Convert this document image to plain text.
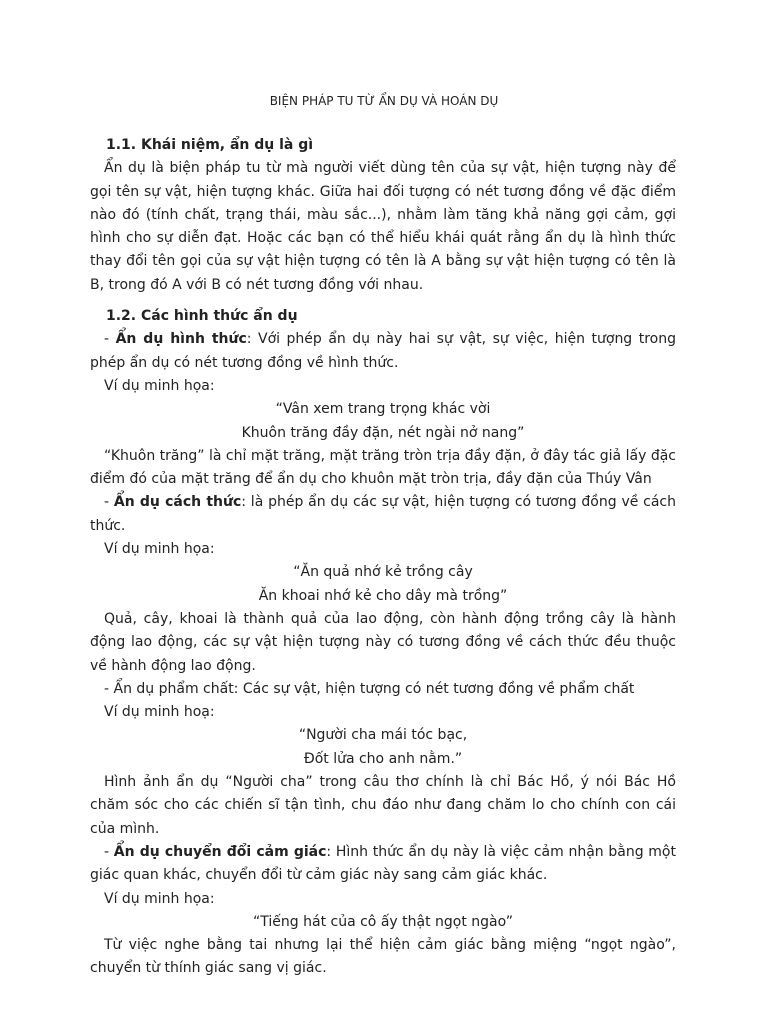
BIỆN PHÁP TU TỪ ẨN DỤ VÀ HOÁN DỤ

1.1. Khái niệm, ẩn dụ là gì

Ẩn dụ là biện pháp tu từ mà người viết dùng tên của sự vật, hiện tượng này để gọi tên sự vật, hiện tượng khác. Giữa hai đối tượng có nét tương đồng về đặc điểm nào đó (tính chất, trạng thái, màu sắc...), nhằm làm tăng khả năng gợi cảm, gợi hình cho sự diễn đạt. Hoặc các bạn có thể hiểu khái quát rằng ẩn dụ là hình thức thay đổi tên gọi của sự vật hiện tượng có tên là A bằng sự vật hiện tượng có tên là B, trong đó A với B có nét tương đồng với nhau.

1.2. Các hình thức ẩn dụ

- Ẩn dụ hình thức: Với phép ẩn dụ này hai sự vật, sự việc, hiện tượng trong phép ẩn dụ có nét tương đồng về hình thức.

Ví dụ minh họa:

“Vân xem trang trọng khác vời

Khuôn trăng đầy đặn, nét ngài nở nang”

“Khuôn trăng” là chỉ mặt trăng, mặt trăng tròn trịa đầy đặn, ở đây tác giả lấy đặc điểm đó của mặt trăng để ẩn dụ cho khuôn mặt tròn trịa, đầy đặn của Thúy Vân

- Ẩn dụ cách thức: là phép ẩn dụ các sự vật, hiện tượng có tương đồng về cách thức.

Ví dụ minh họa:

“Ăn quả nhớ kẻ trồng cây

Ăn khoai nhớ kẻ cho dây mà trồng”

Quả, cây, khoai là thành quả của lao động, còn hành động trồng cây là hành động lao động, các sự vật hiện tượng này có tương đồng về cách thức đều thuộc về hành động lao động.

- Ẩn dụ phẩm chất: Các sự vật, hiện tượng có nét tương đồng về phẩm chất

Ví dụ minh hoạ:

“Người cha mái tóc bạc,

Đốt lửa cho anh nằm.”

Hình ảnh ẩn dụ “Người cha” trong câu thơ chính là chỉ Bác Hồ, ý nói Bác Hồ chăm sóc cho các chiến sĩ tận tình, chu đáo như đang chăm lo cho chính con cái của mình.

- Ẩn dụ chuyển đổi cảm giác: Hình thức ẩn dụ này là việc cảm nhận bằng một giác quan khác, chuyển đổi từ cảm giác này sang cảm giác khác.

Ví dụ minh họa:

“Tiếng hát của cô ấy thật ngọt ngào”

Từ việc nghe bằng tai nhưng lại thể hiện cảm giác bằng miệng “ngọt ngào”, chuyển từ thính giác sang vị giác.
